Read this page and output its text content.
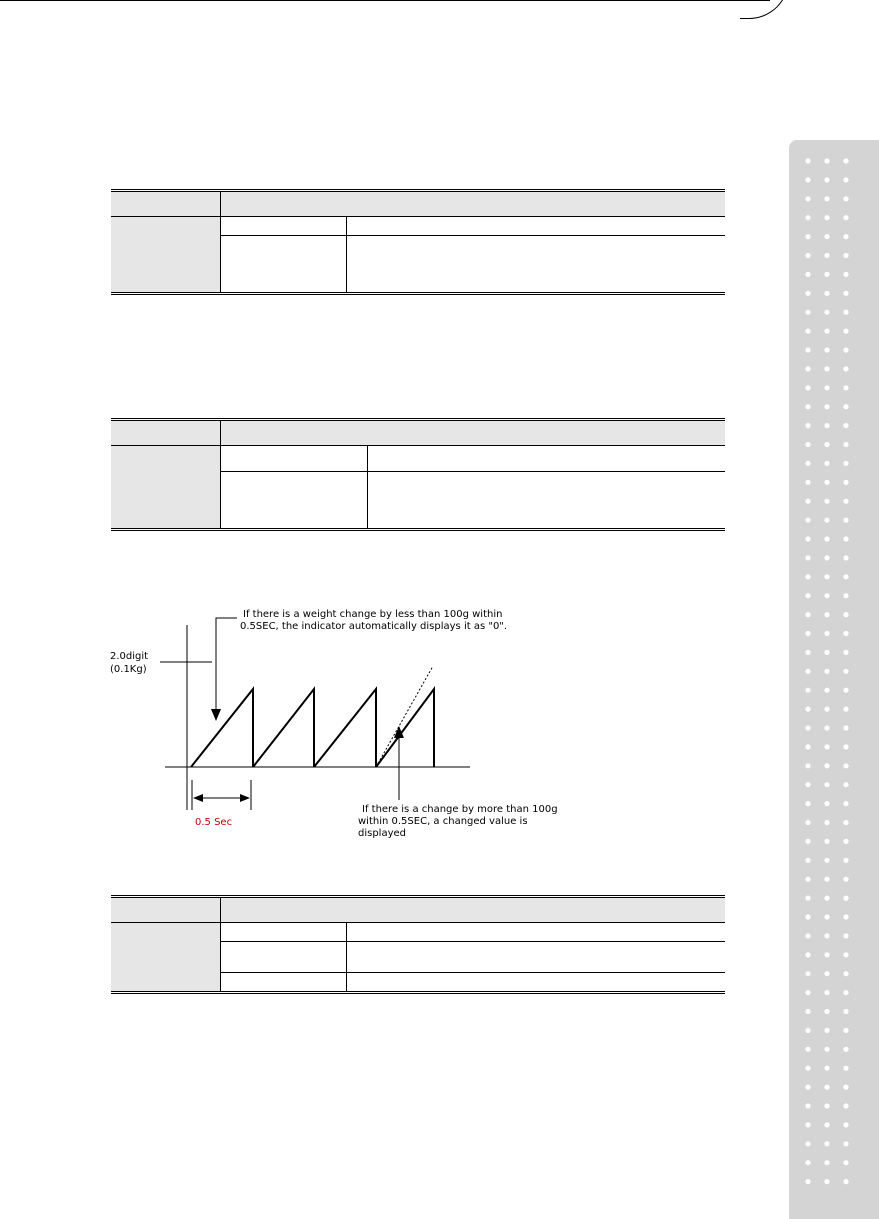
If there is a weight change by less than 100g within
0.5SEC, the indicator automatically displays it as "0".
2.0digit
(0.1Kg)
0.5 Sec
If there is a change by more than 100g
within 0.5SEC, a changed value is
displayed
